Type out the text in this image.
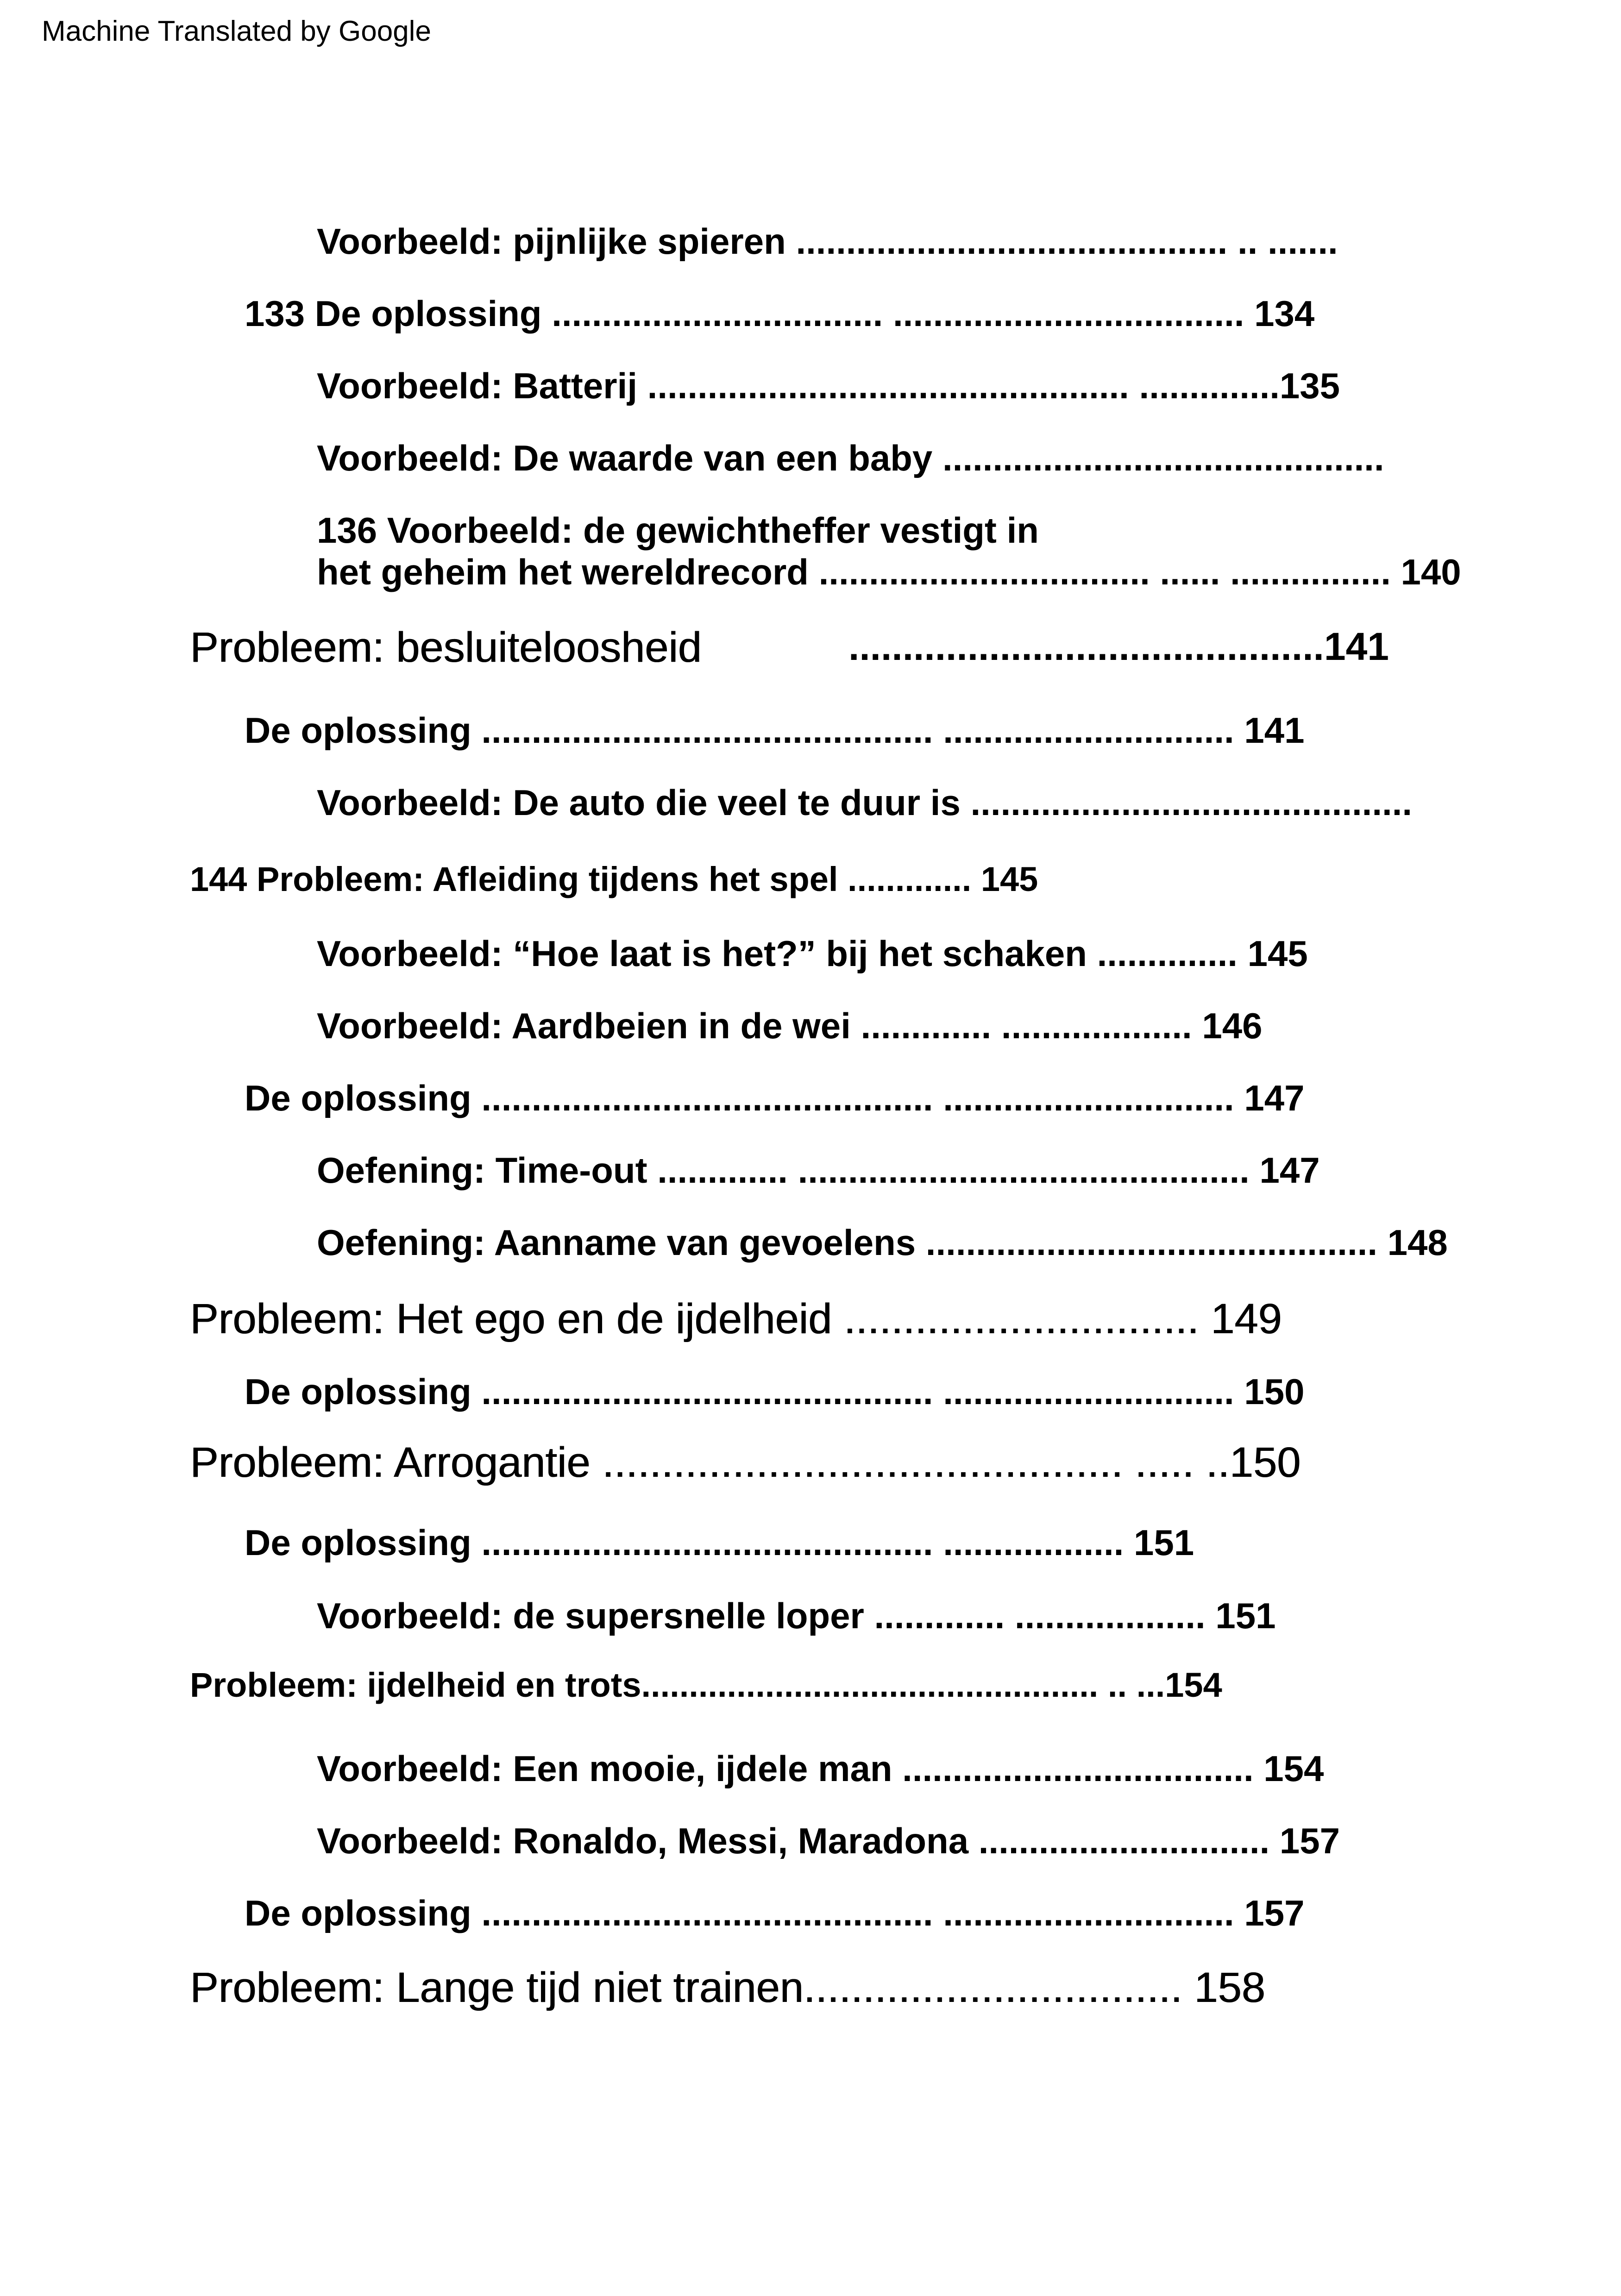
Machine Translated by Google
Voorbeeld: pijnlijke spieren ........................................... .. .......
133 De oplossing ................................. ................................... 134
Voorbeeld: Batterij ................................................ ..............135
Voorbeeld: De waarde van een baby ............................................
136 Voorbeeld: de gewichtheffer vestigt in
het geheim het wereldrecord ................................. ...... ................ 140

Probleem: besluiteloosheid

	............................................141

De oplossing ............................................. ............................. 141
Voorbeeld: De auto die veel te duur is ............................................
144 Probleem: Afleiding tijdens het spel ............. 145
Voorbeeld: “Hoe laat is het?” bij het schaken .............. 145
Voorbeeld: Aardbeien in de wei ............. ................... 146
De oplossing ............................................. ............................. 147
Oefening: Time-out ............. ............................................. 147
Oefening: Aanname van gevoelens ............................................. 148
Probleem: Het ego en de ijdelheid .............................. 149
De oplossing ............................................. ............................. 150
Probleem: Arrogantie ............................................ ..... ..150
De oplossing ............................................. .................. 151
Voorbeeld: de supersnelle loper ............. ................... 151
Probleem: ijdelheid en trots................................................ .. ...154
Voorbeeld: Een mooie, ijdele man ................................... 154
Voorbeeld: Ronaldo, Messi, Maradona ............................. 157
De oplossing ............................................. ............................. 157
Probleem: Lange tijd niet trainen................................ 158
